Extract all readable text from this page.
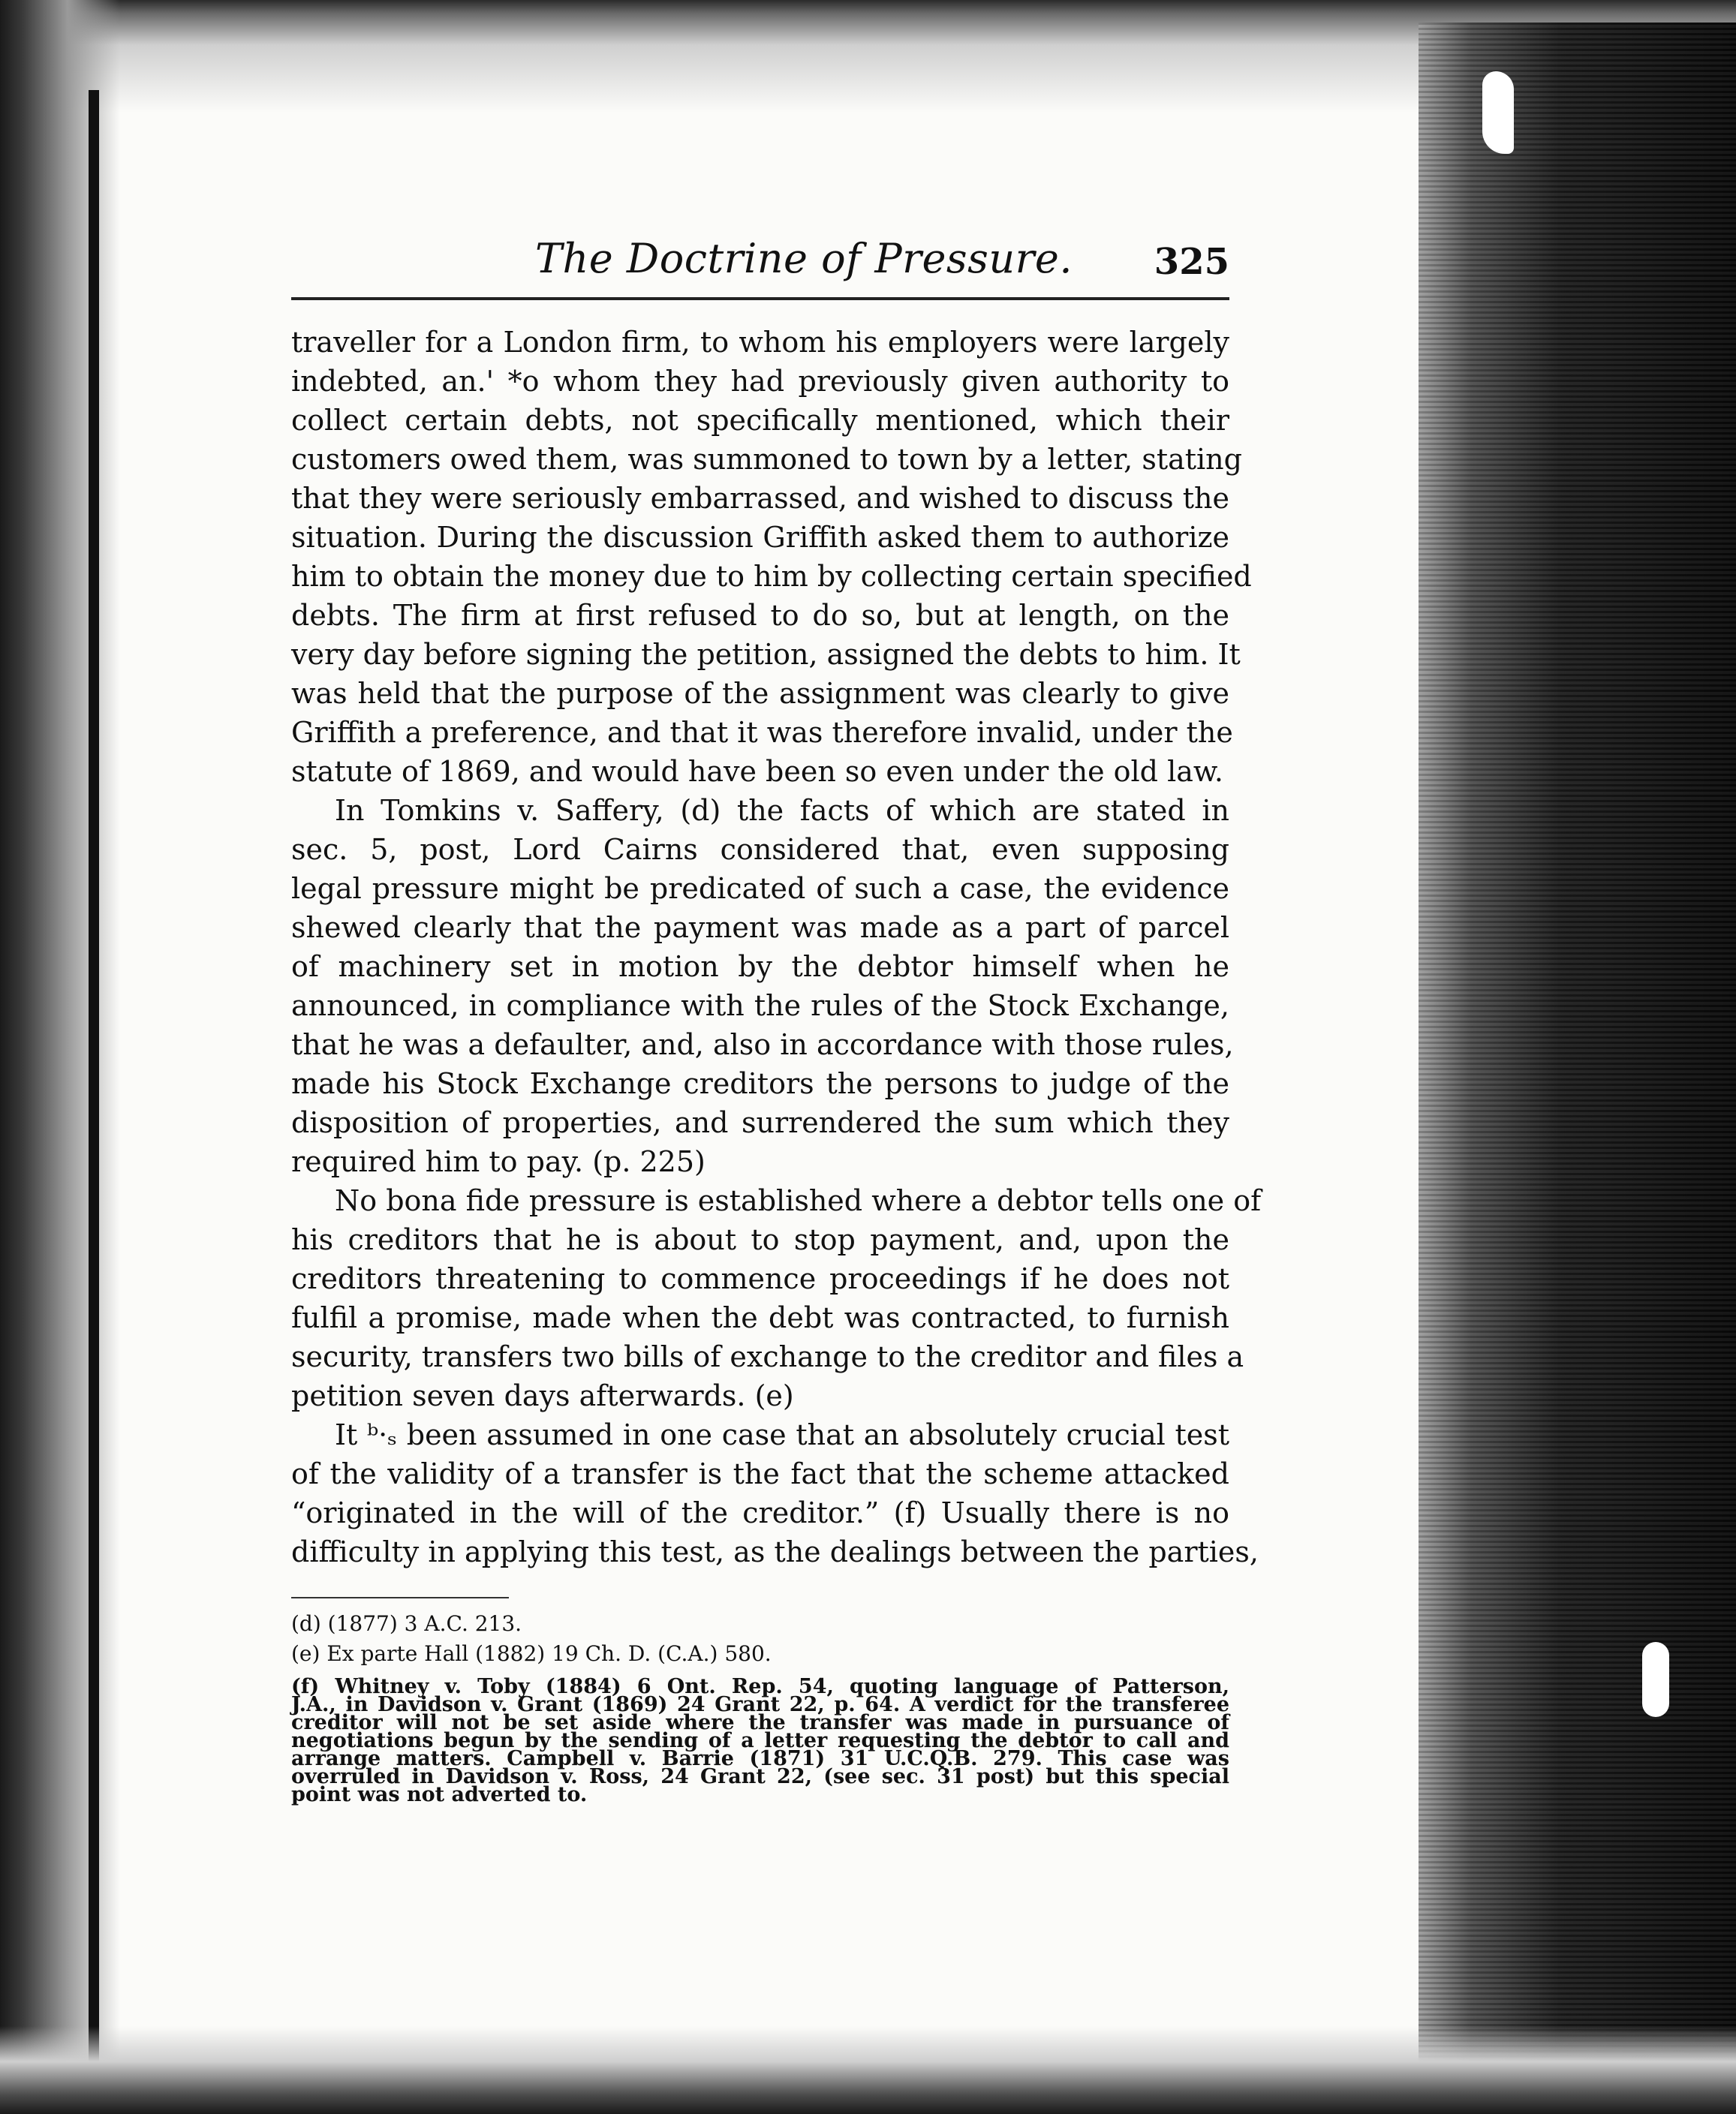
The Doctrine of Pressure. 325
traveller for a London firm, to whom his employers were largely
indebted, an.' *o whom they had previously given authority to
collect certain debts, not specifically mentioned, which their
customers owed them, was summoned to town by a letter, stating
that they were seriously embarrassed, and wished to discuss the
situation. During the discussion Griffith asked them to authorize
him to obtain the money due to him by collecting certain specified
debts. The firm at first refused to do so, but at length, on the
very day before signing the petition, assigned the debts to him. It
was held that the purpose of the assignment was clearly to give
Griffith a preference, and that it was therefore invalid, under the
statute of 1869, and would have been so even under the old law.
In Tomkins v. Saffery, (d) the facts of which are stated in
sec. 5, post, Lord Cairns considered that, even supposing
legal pressure might be predicated of such a case, the evidence
shewed clearly that the payment was made as a part of parcel
of machinery set in motion by the debtor himself when he
announced, in compliance with the rules of the Stock Exchange,
that he was a defaulter, and, also in accordance with those rules,
made his Stock Exchange creditors the persons to judge of the
disposition of properties, and surrendered the sum which they
required him to pay. (p. 225)
No bona fide pressure is established where a debtor tells one of
his creditors that he is about to stop payment, and, upon the
creditors threatening to commence proceedings if he does not
fulfil a promise, made when the debt was contracted, to furnish
security, transfers two bills of exchange to the creditor and files a
petition seven days afterwards. (e)
It ᵇ·ₛ been assumed in one case that an absolutely crucial test
of the validity of a transfer is the fact that the scheme attacked
“originated in the will of the creditor.” (f) Usually there is no
difficulty in applying this test, as the dealings between the parties,
(d) (1877) 3 A.C. 213.
(e) Ex parte Hall (1882) 19 Ch. D. (C.A.) 580.
(f) Whitney v. Toby (1884) 6 Ont. Rep. 54, quoting language of Patterson,
J.A., in Davidson v. Grant (1869) 24 Grant 22, p. 64. A verdict for the transferee
creditor will not be set aside where the transfer was made in pursuance of
negotiations begun by the sending of a letter requesting the debtor to call and
arrange matters. Campbell v. Barrie (1871) 31 U.C.Q.B. 279. This case was
overruled in Davidson v. Ross, 24 Grant 22, (see sec. 31 post) but this special
point was not adverted to.
